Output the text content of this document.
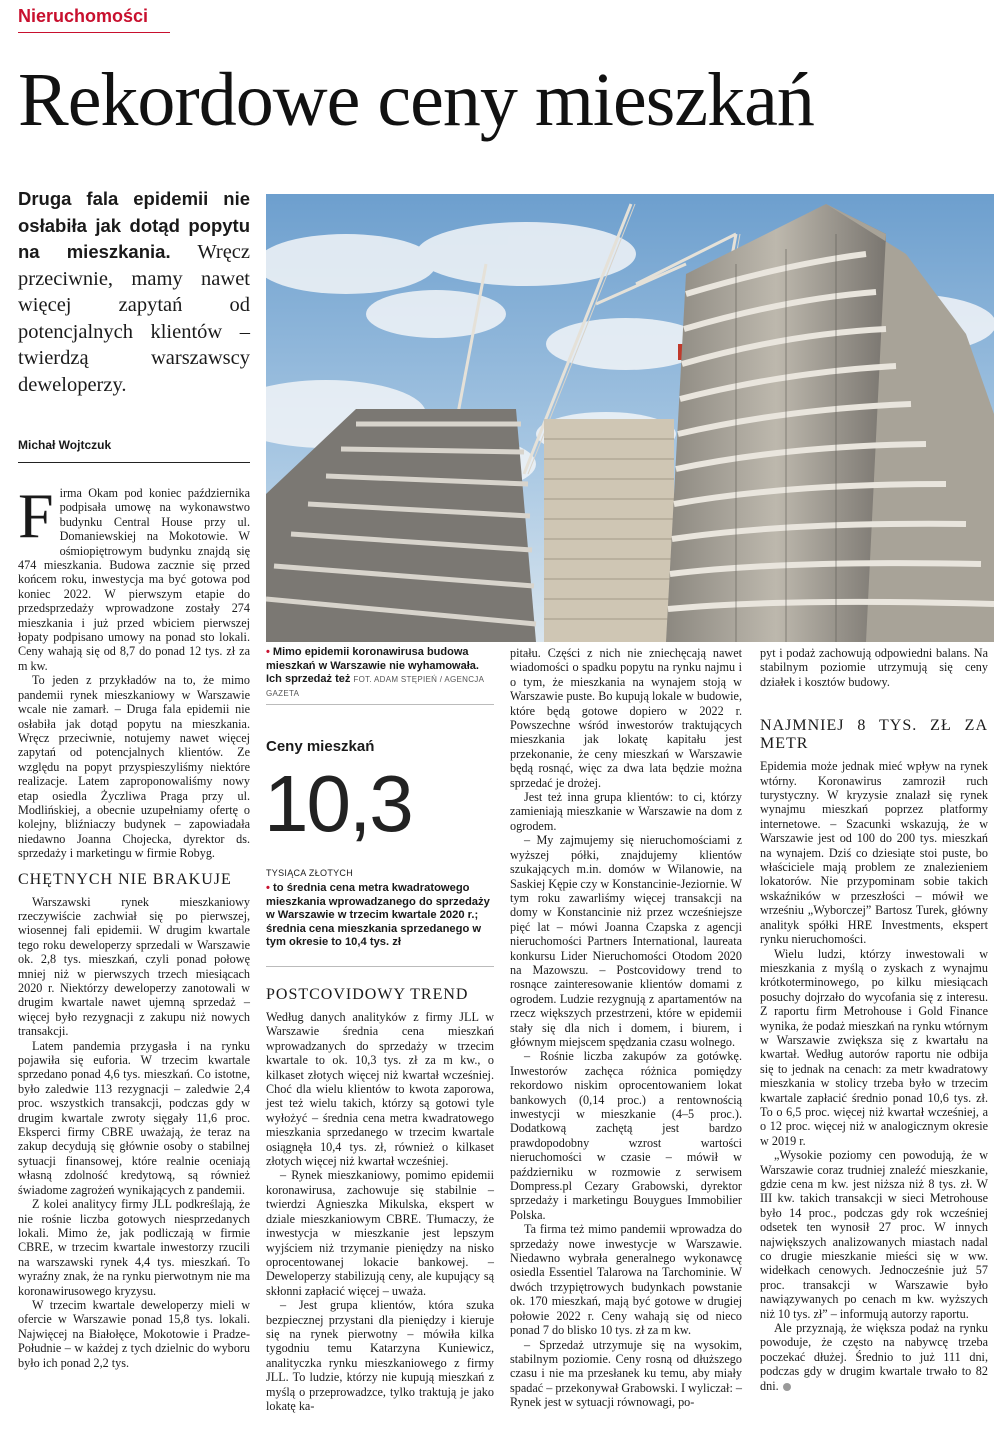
Nieruchomości
Rekordowe ceny mieszkań
Druga fala epidemii nie osłabiła jak dotąd popytu na mieszkania. Wręcz przeciwnie, mamy nawet więcej zapytań od potencjalnych klientów – twierdzą warszawscy deweloperzy.
Michał Wojtczuk
• Mimo epidemii koronawirusa budowa mieszkań w Warszawie nie wyhamowała. Ich sprzedaż też FOT. ADAM STĘPIEŃ / AGENCJA GAZETA
Ceny mieszkań
10,3
TYSIĄCA ZŁOTYCH
• to średnia cena metra kwadratowego mieszkania wprowadzanego do sprzedaży w Warszawie w trzecim kwartale 2020 r.; średnia cena mieszkania sprzedanego w tym okresie to 10,4 tys. zł

Firma Okam pod koniec października podpisała umowę na wykonawstwo budynku Central House przy ul. Domaniewskiej na Mokotowie. W ośmiopiętrowym budynku znajdą się 474 mieszkania. Budowa zacznie się przed końcem roku, inwestycja ma być gotowa pod koniec 2022. W pierwszym etapie do przedsprzedaży wprowadzone zostały 274 mieszkania i już przed wbiciem pierwszej łopaty podpisano umowy na ponad sto lokali. Ceny wahają się od 8,7 do ponad 12 tys. zł za m kw.

To jeden z przykładów na to, że mimo pandemii rynek mieszkaniowy w Warszawie wcale nie zamarł. – Druga fala epidemii nie osłabiła jak dotąd popytu na mieszkania. Wręcz przeciwnie, notujemy nawet więcej zapytań od potencjalnych klientów. Ze względu na popyt przyspieszyliśmy niektóre realizacje. Latem zaproponowaliśmy nowy etap osiedla Życzliwa Praga przy ul. Modlińskiej, a obecnie uzupełniamy ofertę o kolejny, bliźniaczy budynek – zapowiadała niedawno Joanna Chojecka, dyrektor ds. sprzedaży i marketingu w firmie Robyg.

CHĘTNYCH NIE BRAKUJE

Warszawski rynek mieszkaniowy rzeczywiście zachwiał się po pierwszej, wiosennej fali epidemii. W drugim kwartale tego roku deweloperzy sprzedali w Warszawie ok. 2,8 tys. mieszkań, czyli ponad połowę mniej niż w pierwszych trzech miesiącach 2020 r. Niektórzy deweloperzy zanotowali w drugim kwartale nawet ujemną sprzedaż – więcej było rezygnacji z zakupu niż nowych transakcji.

Latem pandemia przygasła i na rynku pojawiła się euforia. W trzecim kwartale sprzedano ponad 4,6 tys. mieszkań. Co istotne, było zaledwie 113 rezygnacji – zaledwie 2,4 proc. wszystkich transakcji, podczas gdy w drugim kwartale zwroty sięgały 11,6 proc. Eksperci firmy CBRE uważają, że teraz na zakup decydują się głównie osoby o stabilnej sytuacji finansowej, które realnie oceniają własną zdolność kredytową, są również świadome zagrożeń wynikających z pandemii.

Z kolei analitycy firmy JLL podkreślają, że nie rośnie liczba gotowych niesprzedanych lokali. Mimo że, jak podliczają w firmie CBRE, w trzecim kwartale inwestorzy rzucili na warszawski rynek 4,4 tys. mieszkań. To wyraźny znak, że na rynku pierwotnym nie ma koronawirusowego kryzysu.

W trzecim kwartale deweloperzy mieli w ofercie w Warszawie ponad 15,8 tys. lokali. Najwięcej na Białołęce, Mokotowie i Pradze-Południe – w każdej z tych dzielnic do wyboru było ich ponad 2,2 tys.

POSTCOVIDOWY TREND

Według danych analityków z firmy JLL w Warszawie średnia cena mieszkań wprowadzanych do sprzedaży w trzecim kwartale to ok. 10,3 tys. zł za m kw., o kilkaset złotych więcej niż kwartał wcześniej. Choć dla wielu klientów to kwota zaporowa, jest też wielu takich, którzy są gotowi tyle wyłożyć – średnia cena metra kwadratowego mieszkania sprzedanego w trzecim kwartale osiągnęła 10,4 tys. zł, również o kilkaset złotych więcej niż kwartał wcześniej.

– Rynek mieszkaniowy, pomimo epidemii koronawirusa, zachowuje się stabilnie – twierdzi Agnieszka Mikulska, ekspert w dziale mieszkaniowym CBRE. Tłumaczy, że inwestycja w mieszkanie jest lepszym wyjściem niż trzymanie pieniędzy na nisko oprocentowanej lokacie bankowej. – Deweloperzy stabilizują ceny, ale kupujący są skłonni zapłacić więcej – uważa.

– Jest grupa klientów, która szuka bezpiecznej przystani dla pieniędzy i kieruje się na rynek pierwotny – mówiła kilka tygodniu temu Katarzyna Kuniewicz, analityczka rynku mieszkaniowego z firmy JLL. To ludzie, którzy nie kupują mieszkań z myślą o przeprowadzce, tylko traktują je jako lokatę ka-

pitału. Części z nich nie zniechęcają nawet wiadomości o spadku popytu na rynku najmu i o tym, że mieszkania na wynajem stoją w Warszawie puste. Bo kupują lokale w budowie, które będą gotowe dopiero w 2022 r. Powszechne wśród inwestorów traktujących mieszkania jak lokatę kapitału jest przekonanie, że ceny mieszkań w Warszawie będą rosnąć, więc za dwa lata będzie można sprzedać je drożej.

Jest też inna grupa klientów: to ci, którzy zamieniają mieszkanie w Warszawie na dom z ogrodem.

– My zajmujemy się nieruchomościami z wyższej półki, znajdujemy klientów szukających m.in. domów w Wilanowie, na Saskiej Kępie czy w Konstancinie-Jeziornie. W tym roku zawarliśmy więcej transakcji na domy w Konstancinie niż przez wcześniejsze pięć lat – mówi Joanna Czapska z agencji nieruchomości Partners International, laureata konkursu Lider Nieruchomości Otodom 2020 na Mazowszu. – Postcovidowy trend to rosnące zainteresowanie klientów domami z ogrodem. Ludzie rezygnują z apartamentów na rzecz większych przestrzeni, które w epidemii stały się dla nich i domem, i biurem, i głównym miejscem spędzania czasu wolnego.

– Rośnie liczba zakupów za gotówkę. Inwestorów zachęca różnica pomiędzy rekordowo niskim oprocentowaniem lokat bankowych (0,14 proc.) a rentownością inwestycji w mieszkanie (4–5 proc.). Dodatkową zachętą jest bardzo prawdopodobny wzrost wartości nieruchomości w czasie – mówił w październiku w rozmowie z serwisem Dompress.pl Cezary Grabowski, dyrektor sprzedaży i marketingu Bouygues Immobilier Polska.

Ta firma też mimo pandemii wprowadza do sprzedaży nowe inwestycje w Warszawie. Niedawno wybrała generalnego wykonawcę osiedla Essentiel Talarowa na Tarchominie. W dwóch trzypiętrowych budynkach powstanie ok. 170 mieszkań, mają być gotowe w drugiej połowie 2022 r. Ceny wahają się od nieco ponad 7 do blisko 10 tys. zł za m kw.

– Sprzedaż utrzymuje się na wysokim, stabilnym poziomie. Ceny rosną od dłuższego czasu i nie ma przesłanek ku temu, aby miały spadać – przekonywał Grabowski. I wyliczał: – Rynek jest w sytuacji równowagi, po-

pyt i podaż zachowują odpowiedni balans. Na stabilnym poziomie utrzymują się ceny działek i kosztów budowy.

NAJMNIEJ 8 TYS. ZŁ ZA METR

Epidemia może jednak mieć wpływ na rynek wtórny. Koronawirus zamroził ruch turystyczny. W kryzysie znalazł się rynek wynajmu mieszkań poprzez platformy internetowe. – Szacunki wskazują, że w Warszawie jest od 100 do 200 tys. mieszkań na wynajem. Dziś co dziesiąte stoi puste, bo właściciele mają problem ze znalezieniem lokatorów. Nie przypominam sobie takich wskaźników w przeszłości – mówił we wrześniu „Wyborczej” Bartosz Turek, główny analityk spółki HRE Investments, ekspert rynku nieruchomości.

Wielu ludzi, którzy inwestowali w mieszkania z myślą o zyskach z wynajmu krótkoterminowego, po kilku miesiącach posuchy dojrzało do wycofania się z interesu. Z raportu firm Metrohouse i Gold Finance wynika, że podaż mieszkań na rynku wtórnym w Warszawie zwiększa się z kwartału na kwartał. Według autorów raportu nie odbija się to jednak na cenach: za metr kwadratowy mieszkania w stolicy trzeba było w trzecim kwartale zapłacić średnio ponad 10,6 tys. zł. To o 6,5 proc. więcej niż kwartał wcześniej, a o 12 proc. więcej niż w analogicznym okresie w 2019 r.

„Wysokie poziomy cen powodują, że w Warszawie coraz trudniej znaleźć mieszkanie, gdzie cena m kw. jest niższa niż 8 tys. zł. W III kw. takich transakcji w sieci Metrohouse było 14 proc., podczas gdy rok wcześniej odsetek ten wynosił 27 proc. W innych największych analizowanych miastach nadal co drugie mieszkanie mieści się w ww. widełkach cenowych. Jednocześnie już 57 proc. transakcji w Warszawie było nawiązywanych po cenach m kw. wyższych niż 10 tys. zł” – informują autorzy raportu.

Ale przyznają, że większa podaż na rynku powoduje, że często na nabywcę trzeba poczekać dłużej. Średnio to już 111 dni, podczas gdy w drugim kwartale trwało to 82 dni.
